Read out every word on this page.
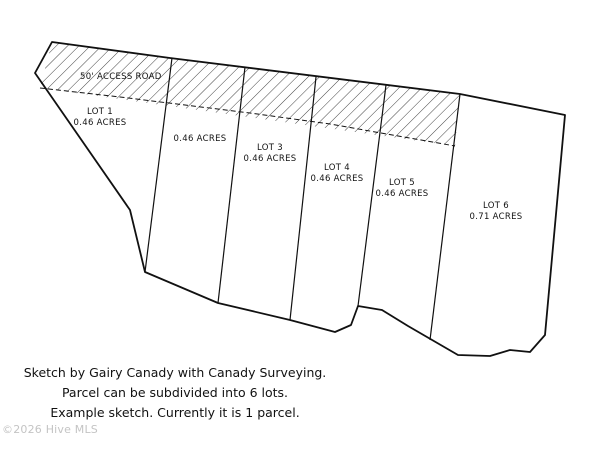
50' ACCESS ROAD
LOT 1
0.46 ACRES
0.46 ACRES
LOT 3
0.46 ACRES
LOT 4
0.46 ACRES	LOT 5
0.46 ACRES
LOT 6
0.71 ACRES
Sketch by Gairy Canady with Canady Surveying.
Parcel can be subdivided into 6 lots.
Example sketch. Currently it is 1 parcel.
©2026 Hive MLS
